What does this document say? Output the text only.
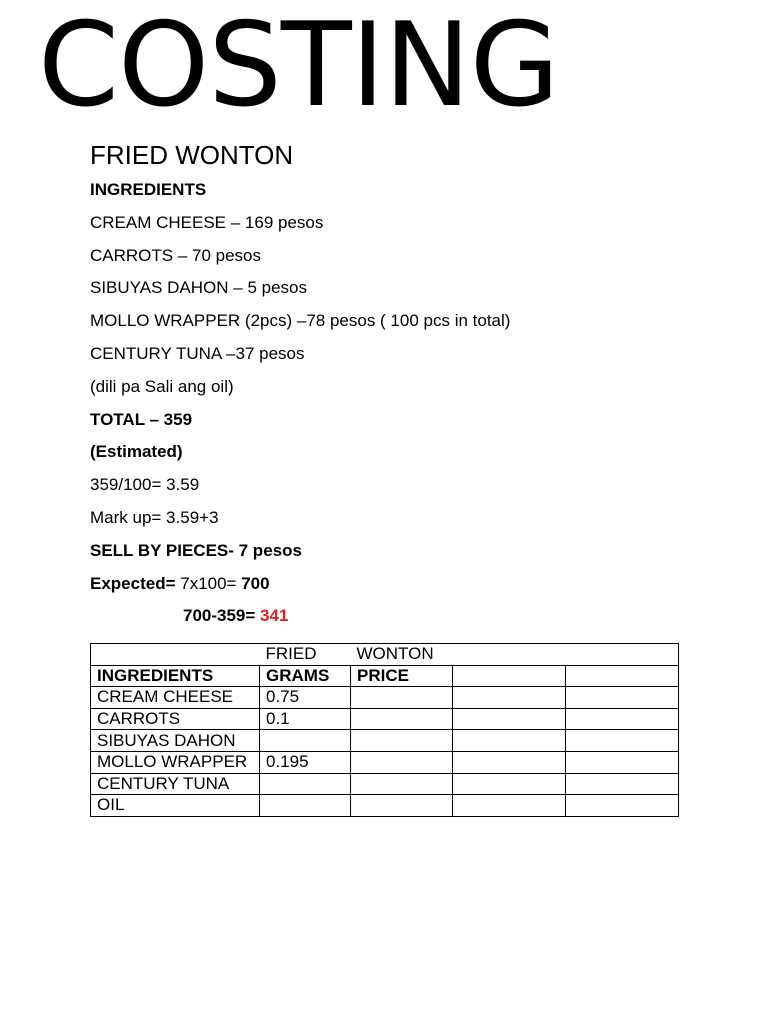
COSTING
FRIED WONTON
INGREDIENTS
CREAM CHEESE – 169 pesos
CARROTS – 70 pesos
SIBUYAS DAHON – 5 pesos
MOLLO WRAPPER (2pcs) –78 pesos ( 100 pcs in total)
CENTURY TUNA –37 pesos
(dili pa Sali ang oil)
TOTAL – 359
(Estimated)
359/100= 3.59
Mark up= 3.59+3
SELL BY PIECES- 7 pesos
Expected= 7x100= 700
700-359= 341
	FRIED	WONTON		
INGREDIENTS	GRAMS	PRICE		
CREAM CHEESE	0.75			
CARROTS	0.1			
SIBUYAS DAHON				
MOLLO WRAPPER	0.195			
CENTURY TUNA				
OIL				
